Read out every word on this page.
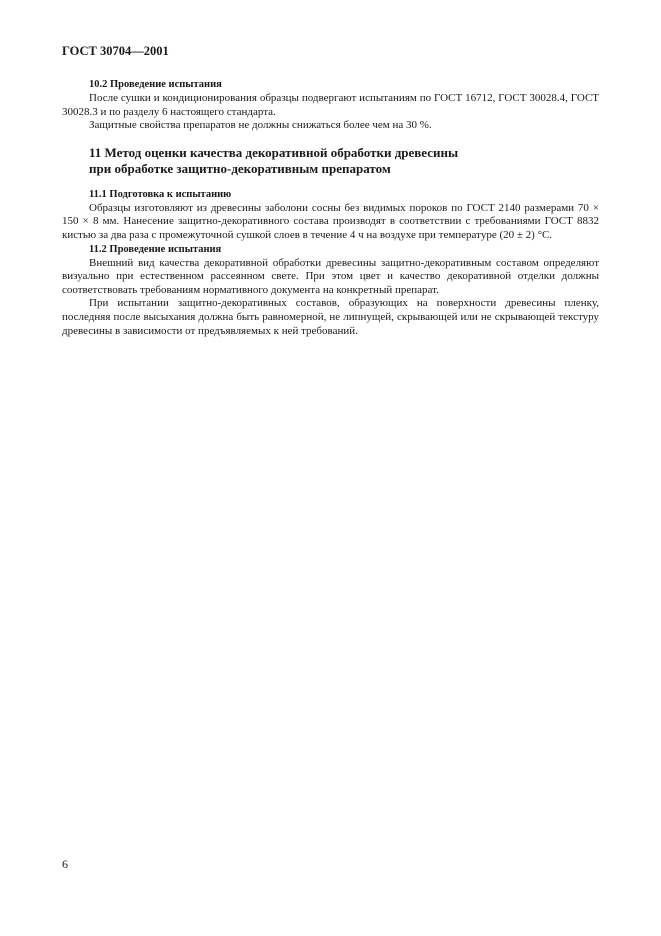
ГОСТ 30704—2001
10.2 Проведение испытания

После сушки и кондиционирования образцы подвергают испытаниям по ГОСТ 16712, ГОСТ 30028.4, ГОСТ 30028.3 и по разделу 6 настоящего стандарта.

Защитные свойства препаратов не должны снижаться более чем на 30 %.

11 Метод оценки качества декоративной обработки древесины
при обработке защитно-декоративным препаратом
11.1 Подготовка к испытанию

Образцы изготовляют из древесины заболони сосны без видимых пороков по ГОСТ 2140 размерами 70 × 150 × 8 мм. Нанесение защитно-декоративного состава производят в соответствии с требованиями ГОСТ 8832 кистью за два раза с промежуточной сушкой слоев в течение 4 ч на воздухе при температуре (20 ± 2) °С.

11.2 Проведение испытания

Внешний вид качества декоративной обработки древесины защитно-декоративным составом определяют визуально при естественном рассеянном свете. При этом цвет и качество декоративной отделки должны соответствовать требованиям нормативного документа на конкретный препарат.

При испытании защитно-декоративных составов, образующих на поверхности древесины пленку, последняя после высыхания должна быть равномерной, не липнущей, скрывающей или не скрывающей текстуру древесины в зависимости от предъявляемых к ней требований.

6
